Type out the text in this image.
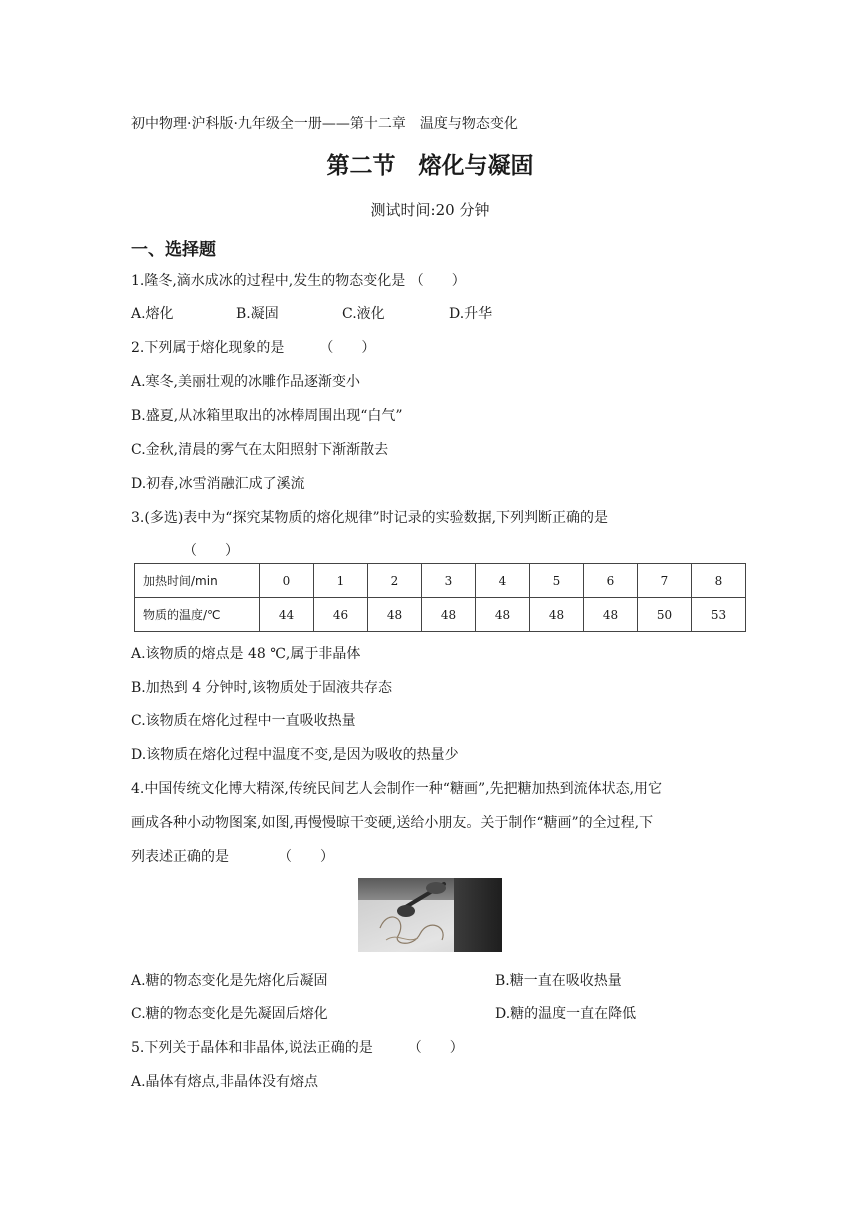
初中物理·沪科版·九年级全一册——第十二章　温度与物态变化
第二节　熔化与凝固
测试时间:20 分钟
一、选择题
1.隆冬,滴水成冰的过程中,发生的物态变化是 （　　）
A.熔化	B.凝固	C.液化	D.升华
2.下列属于熔化现象的是　　　（　　）
A.寒冬,美丽壮观的冰雕作品逐渐变小
B.盛夏,从冰箱里取出的冰棒周围出现“白气”
C.金秋,清晨的雾气在太阳照射下渐渐散去
D.初春,冰雪消融汇成了溪流
3.(多选)表中为“探究某物质的熔化规律”时记录的实验数据,下列判断正确的是
（　　）
加热时间/min	0	1	2	3	4	5	6	7	8
物质的温度/℃	44	46	48	48	48	48	48	50	53
A.该物质的熔点是 48 ℃,属于非晶体
B.加热到 4 分钟时,该物质处于固液共存态
C.该物质在熔化过程中一直吸收热量
D.该物质在熔化过程中温度不变,是因为吸收的热量少
4.中国传统文化博大精深,传统民间艺人会制作一种“糖画”,先把糖加热到流体状态,用它
画成各种小动物图案,如图,再慢慢晾干变硬,送给小朋友。关于制作“糖画”的全过程,下
列表述正确的是　　　　（　　）
A.糖的物态变化是先熔化后凝固	B.糖一直在吸收热量
C.糖的物态变化是先凝固后熔化	D.糖的温度一直在降低
5.下列关于晶体和非晶体,说法正确的是　　　（　　）
A.晶体有熔点,非晶体没有熔点
